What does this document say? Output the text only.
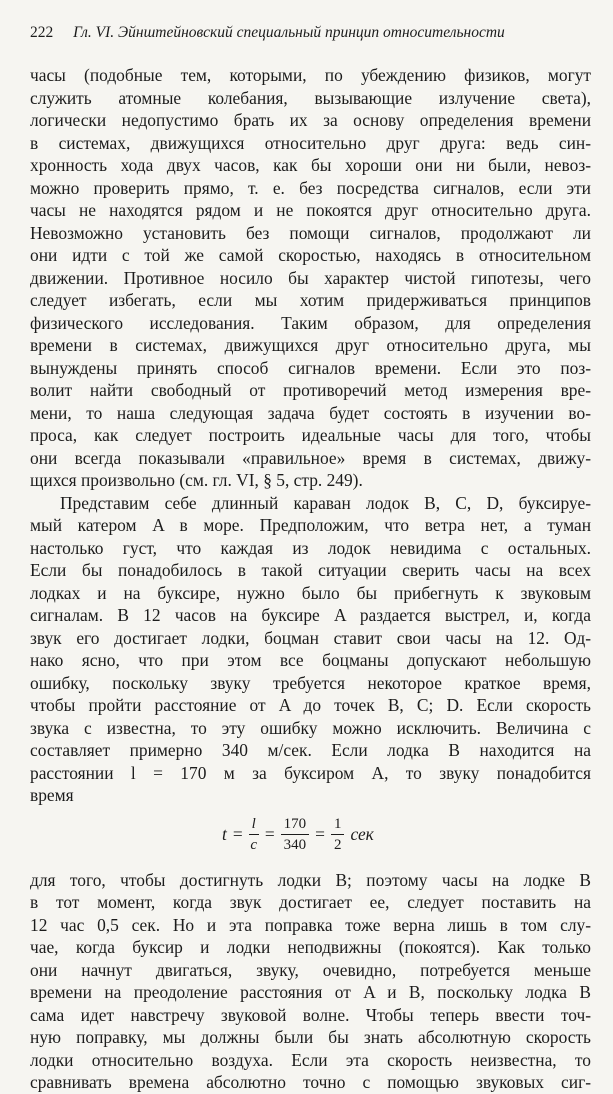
222 Гл. VI. Эйнштейновский специальный принцип относительности
часы (подобные тем, которыми, по убеждению физиков, могут
служить атомные колебания, вызывающие излучение света),
логически недопустимо брать их за основу определения времени
в системах, движущихся относительно друг друга: ведь син-
хронность хода двух часов, как бы хороши они ни были, невоз-
можно проверить прямо, т. е. без посредства сигналов, если эти
часы не находятся рядом и не покоятся друг относительно друга.
Невозможно установить без помощи сигналов, продолжают ли
они идти с той же самой скоростью, находясь в относительном
движении. Противное носило бы характер чистой гипотезы, чего
следует избегать, если мы хотим придерживаться принципов
физического исследования. Таким образом, для определения
времени в системах, движущихся друг относительно друга, мы
вынуждены принять способ сигналов времени. Если это поз-
волит найти свободный от противоречий метод измерения вре-
мени, то наша следующая задача будет состоять в изучении во-
проса, как следует построить идеальные часы для того, чтобы
они всегда показывали «правильное» время в системах, движу-
щихся произвольно (см. гл. VI, § 5, стр. 249).
Представим себе длинный караван лодок B, C, D, буксируе-
мый катером A в море. Предположим, что ветра нет, а туман
настолько густ, что каждая из лодок невидима с остальных.
Если бы понадобилось в такой ситуации сверить часы на всех
лодках и на буксире, нужно было бы прибегнуть к звуковым
сигналам. В 12 часов на буксире A раздается выстрел, и, когда
звук его достигает лодки, боцман ставит свои часы на 12. Од-
нако ясно, что при этом все боцманы допускают небольшую
ошибку, поскольку звуку требуется некоторое краткое время,
чтобы пройти расстояние от A до точек B, C; D. Если скорость
звука c известна, то эту ошибку можно исключить. Величина c
составляет примерно 340 м/сек. Если лодка B находится на
расстоянии l = 170 м за буксиром A, то звуку понадобится
время
$t = \frac{l}{c} = \frac{170}{340} = \frac{1}{2}$ сек
для того, чтобы достигнуть лодки B; поэтому часы на лодке B
в тот момент, когда звук достигает ее, следует поставить на
12 час 0,5 сек. Но и эта поправка тоже верна лишь в том слу-
чае, когда буксир и лодки неподвижны (покоятся). Как только
они начнут двигаться, звуку, очевидно, потребуется меньше
времени на преодоление расстояния от A и B, поскольку лодка B
сама идет навстречу звуковой волне. Чтобы теперь ввести точ-
ную поправку, мы должны были бы знать абсолютную скорость
лодки относительно воздуха. Если эта скорость неизвестна, то
сравнивать времена абсолютно точно с помощью звуковых сиг-
